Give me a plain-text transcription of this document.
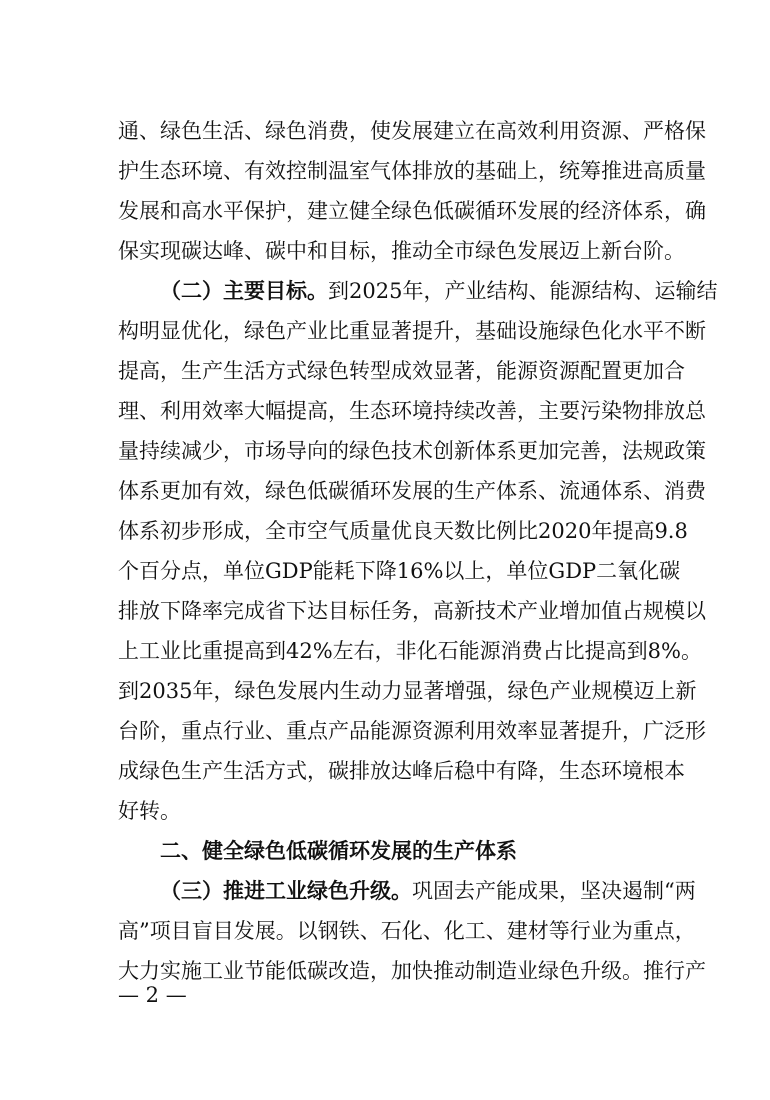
通、绿色生活、绿色消费，使发展建立在高效利用资源、严格保
护生态环境、有效控制温室气体排放的基础上，统筹推进高质量
发展和高水平保护，建立健全绿色低碳循环发展的经济体系，确
保实现碳达峰、碳中和目标，推动全市绿色发展迈上新台阶。
（二）主要目标。到2025年，产业结构、能源结构、运输结
构明显优化，绿色产业比重显著提升，基础设施绿色化水平不断
提高，生产生活方式绿色转型成效显著，能源资源配置更加合
理、利用效率大幅提高，生态环境持续改善，主要污染物排放总
量持续减少，市场导向的绿色技术创新体系更加完善，法规政策
体系更加有效，绿色低碳循环发展的生产体系、流通体系、消费
体系初步形成，全市空气质量优良天数比例比2020年提高9.8
个百分点，单位GDP能耗下降16%以上，单位GDP二氧化碳
排放下降率完成省下达目标任务，高新技术产业增加值占规模以
上工业比重提高到42%左右，非化石能源消费占比提高到8%。
到2035年，绿色发展内生动力显著增强，绿色产业规模迈上新
台阶，重点行业、重点产品能源资源利用效率显著提升，广泛形
成绿色生产生活方式，碳排放达峰后稳中有降，生态环境根本
好转。
二、健全绿色低碳循环发展的生产体系
（三）推进工业绿色升级。巩固去产能成果，坚决遏制“两
高”项目盲目发展。以钢铁、石化、化工、建材等行业为重点，
大力实施工业节能低碳改造，加快推动制造业绿色升级。推行产
— 2 —
